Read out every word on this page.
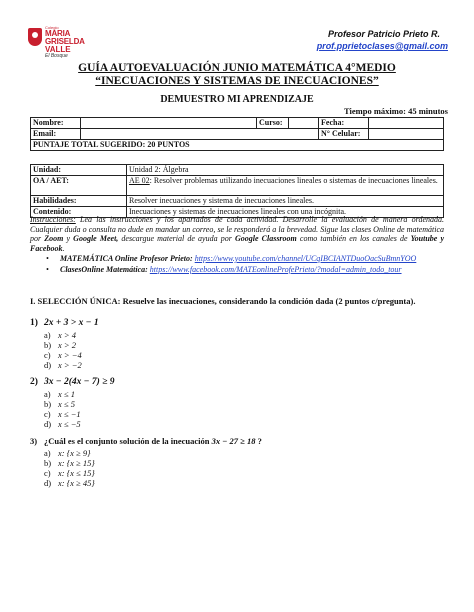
Colegio
MARIA GRISELDA
VALLE
El Bosque
Profesor Patricio Prieto R.
prof.pprietoclases@gmail.com
GUÍA AUTOEVALUACIÓN JUNIO MATEMÁTICA 4°MEDIO
“INECUACIONES Y SISTEMAS DE INECUACIONES”
DEMUESTRO MI APRENDIZAJE
Tiempo máximo: 45 minutos
Nombre:		Curso:		Fecha:	
Email:				N° Celular:	
PUNTAJE TOTAL SUGERIDO: 20 PUNTOS					
Unidad:	Unidad 2: Álgebra
OA / AET:	AE 02: Resolver problemas utilizando inecuaciones lineales o sistemas de inecuaciones lineales.
Habilidades:	Resolver inecuaciones y sistema de inecuaciones lineales.
Contenido:	Inecuaciones y sistemas de inecuaciones lineales con una incógnita.
Instrucciones: Lea las instrucciones y los apartados de cada actividad. Desarrolle la evaluación de manera ordenada. Cualquier duda o consulta no dude en mandar un correo, se le responderá a la brevedad. Sigue las clases Online de matemática por Zoom y Google Meet, descargue material de ayuda por Google Classroom como también en los canales de Youtube y Facebook.
• MATEMÁTICA Online Profesor Prieto: https://www.youtube.com/channel/UCqIBCIANTDuoOacSuBmnYOO
• ClasesOnline Matemática: https://www.facebook.com/MATEonlineProfePrieto/?modal=admin_todo_tour
I. SELECCIÓN ÚNICA: Resuelve las inecuaciones, considerando la condición dada (2 puntos c/pregunta).
1) 2x + 3 > x − 1
a) x > 4
b) x > 2
c) x > −4
d) x > −2
2) 3x − 2(4x − 7) ≥ 9
a) x ≤ 1
b) x ≤ 5
c) x ≤ −1
d) x ≤ −5
3) ¿Cuál es el conjunto solución de la inecuación 3x − 27 ≥ 18 ?
a) x: {x ≥ 9}
b) x: {x ≥ 15}
c) x: {x ≤ 15}
d) x: {x ≥ 45}
